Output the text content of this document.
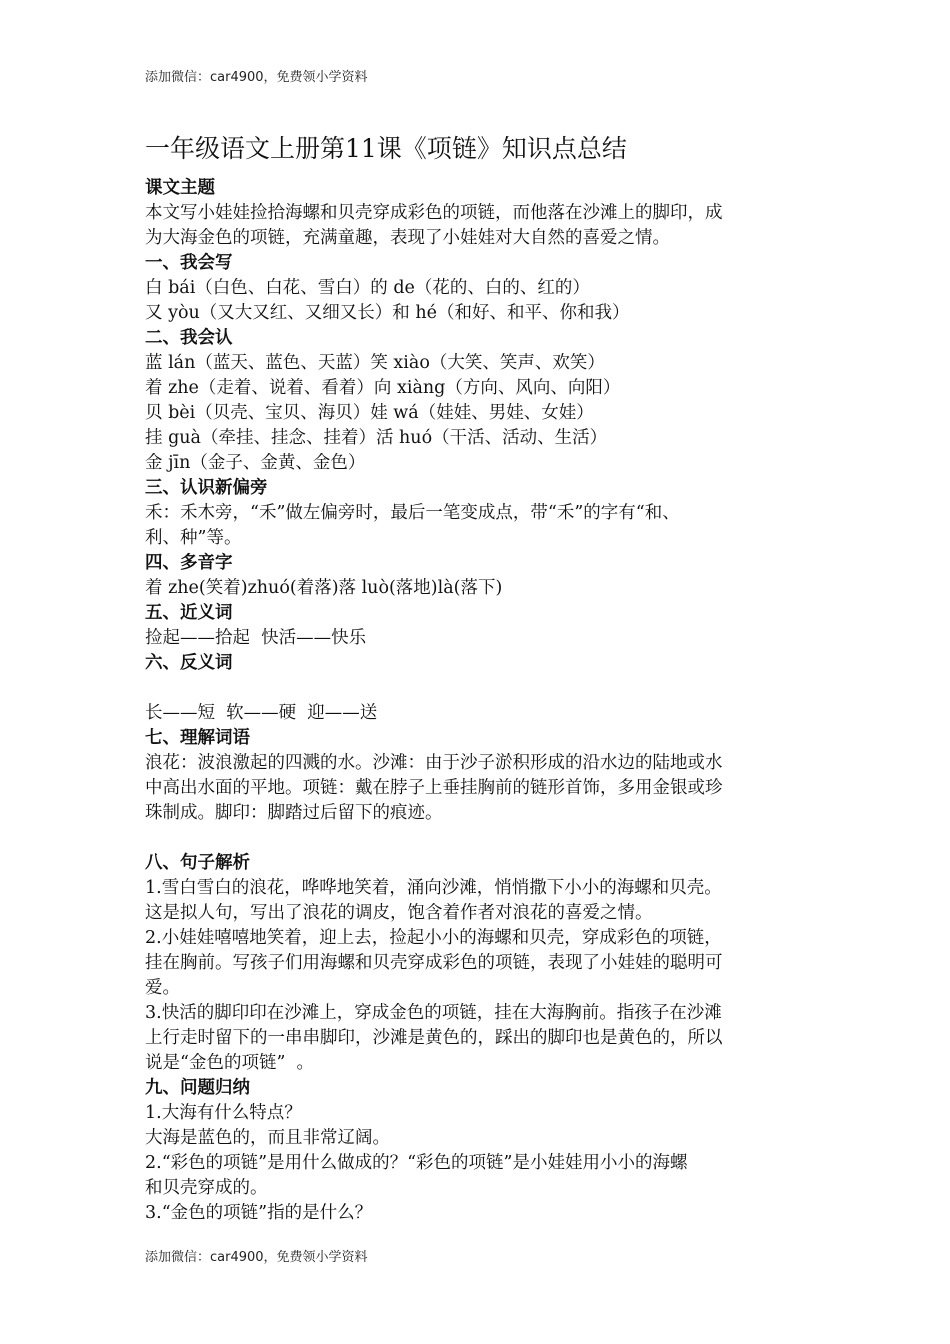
添加微信：car4900，免费领小学资料
一年级语文上册第11课《项链》知识点总结

课文主题

本文写小娃娃捡拾海螺和贝壳穿成彩色的项链，而他落在沙滩上的脚印，成

为大海金色的项链，充满童趣，表现了小娃娃对大自然的喜爱之情。

一、我会写

白 bái（白色、白花、雪白）的 de（花的、白的、红的）

又 yòu（又大又红、又细又长）和 hé（和好、和平、你和我）

二、我会认

蓝 lán（蓝天、蓝色、天蓝）笑 xiào（大笑、笑声、欢笑）

着 zhe（走着、说着、看着）向 xiàng（方向、风向、向阳）

贝 bèi（贝壳、宝贝、海贝）娃 wá（娃娃、男娃、女娃）

挂 guà（牵挂、挂念、挂着）活 huó（干活、活动、生活）

金 jīn（金子、金黄、金色）

三、认识新偏旁

禾：禾木旁，“禾”做左偏旁时，最后一笔变成点，带“禾”的字有“和、

利、种”等。

四、多音字

着 zhe(笑着)zhuó(着落)落 luò(落地)là(落下)

五、近义词

捡起——拾起  快活——快乐

六、反义词

长——短  软——硬  迎——送

七、理解词语

浪花：波浪激起的四溅的水。沙滩：由于沙子淤积形成的沿水边的陆地或水

中高出水面的平地。项链：戴在脖子上垂挂胸前的链形首饰，多用金银或珍

珠制成。脚印：脚踏过后留下的痕迹。

八、句子解析

1.雪白雪白的浪花，哗哗地笑着，涌向沙滩，悄悄撒下小小的海螺和贝壳。

这是拟人句，写出了浪花的调皮，饱含着作者对浪花的喜爱之情。

2.小娃娃嘻嘻地笑着，迎上去，捡起小小的海螺和贝壳，穿成彩色的项链，

挂在胸前。写孩子们用海螺和贝壳穿成彩色的项链，表现了小娃娃的聪明可

爱。

3.快活的脚印印在沙滩上，穿成金色的项链，挂在大海胸前。指孩子在沙滩

上行走时留下的一串串脚印，沙滩是黄色的，踩出的脚印也是黄色的，所以

说是“金色的项链”  。

九、问题归纳

1.大海有什么特点？

大海是蓝色的，而且非常辽阔。

2.“彩色的项链”是用什么做成的？“彩色的项链”是小娃娃用小小的海螺

和贝壳穿成的。

3.“金色的项链”指的是什么？

添加微信：car4900，免费领小学资料
